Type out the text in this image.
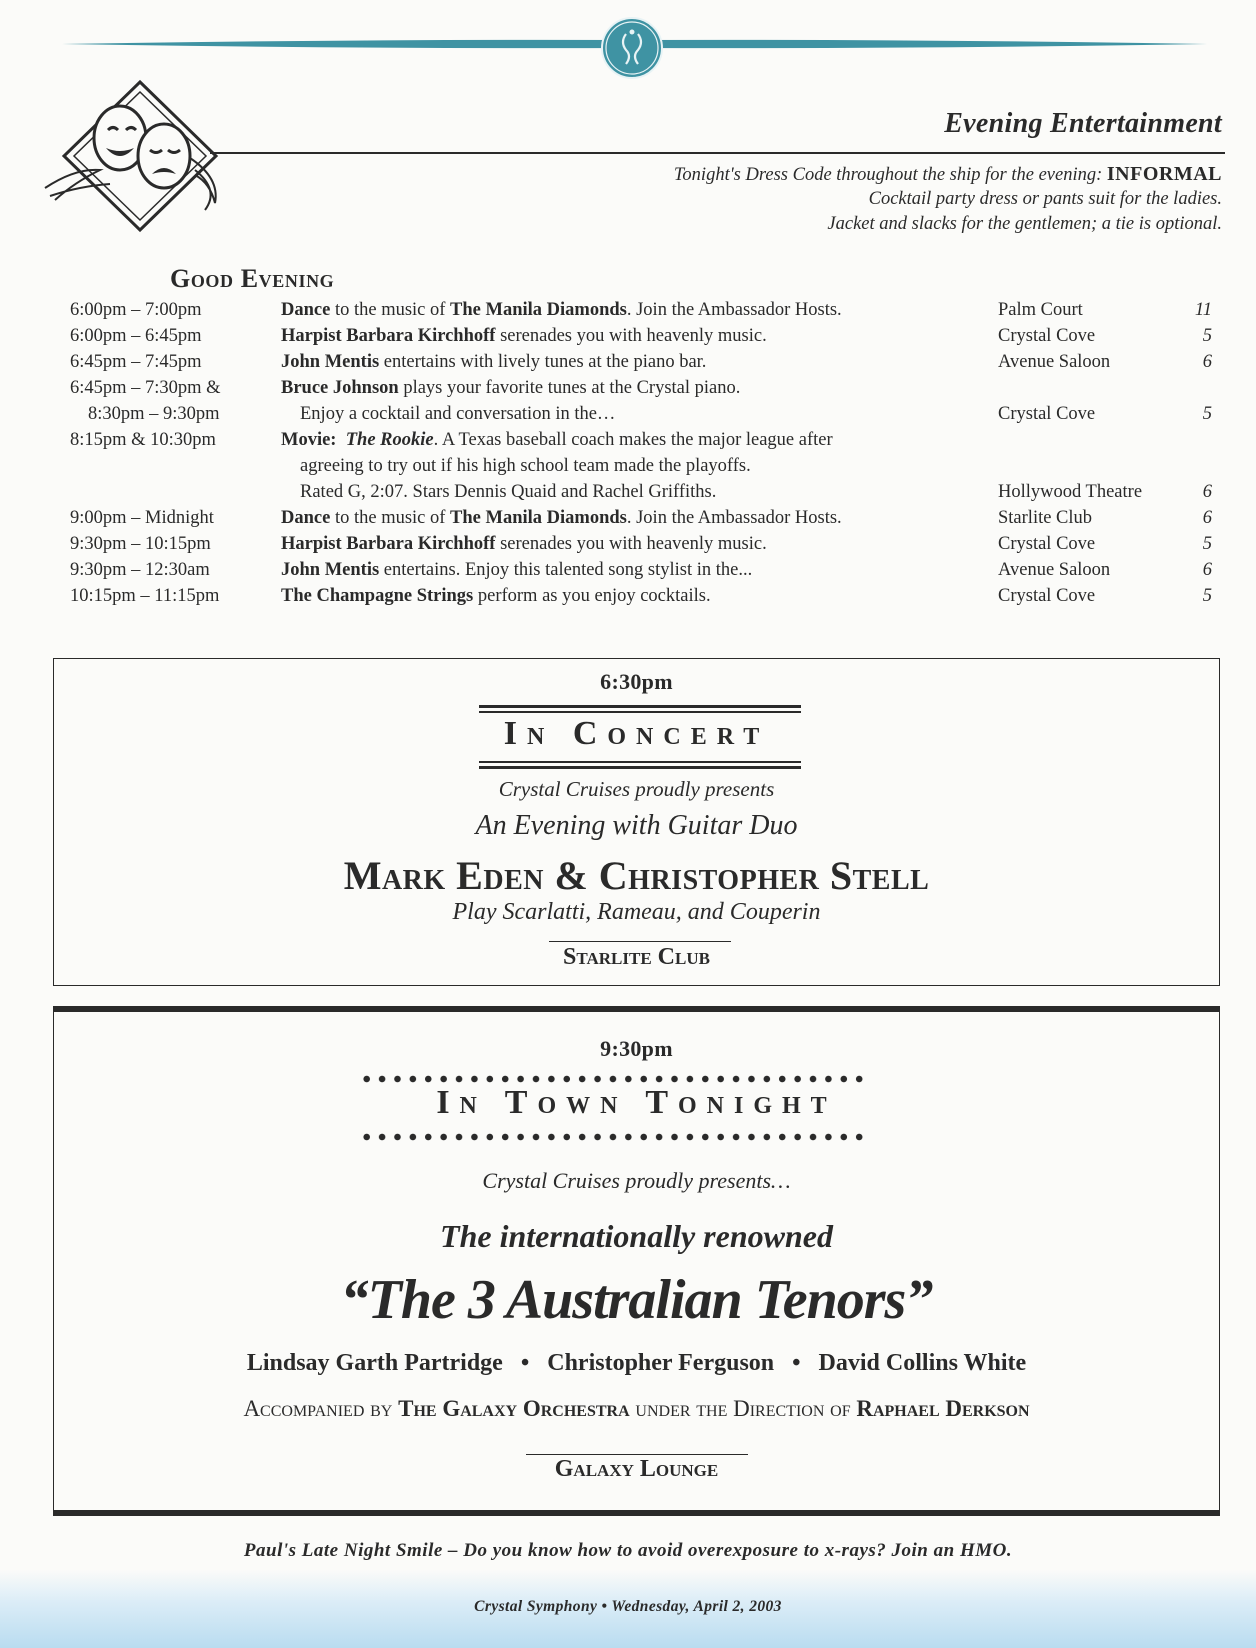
Evening Entertainment
Tonight's Dress Code throughout the ship for the evening: INFORMAL
Cocktail party dress or pants suit for the ladies.
Jacket and slacks for the gentlemen; a tie is optional.
Good Evening
6:00pm – 7:00pm	Dance to the music of The Manila Diamonds. Join the Ambassador Hosts.	Palm Court	11
6:00pm – 6:45pm	Harpist Barbara Kirchhoff serenades you with heavenly music.	Crystal Cove	5
6:45pm – 7:45pm	John Mentis entertains with lively tunes at the piano bar.	Avenue Saloon	6
6:45pm – 7:30pm &	Bruce Johnson plays your favorite tunes at the Crystal piano.
8:30pm – 9:30pm	Enjoy a cocktail and conversation in the…	Crystal Cove	5
8:15pm & 10:30pm	Movie: The Rookie. A Texas baseball coach makes the major league after
agreeing to try out if his high school team made the playoffs.
Rated G, 2:07. Stars Dennis Quaid and Rachel Griffiths.	Hollywood Theatre	6
9:00pm – Midnight	Dance to the music of The Manila Diamonds. Join the Ambassador Hosts.	Starlite Club	6
9:30pm – 10:15pm	Harpist Barbara Kirchhoff serenades you with heavenly music.	Crystal Cove	5
9:30pm – 12:30am	John Mentis entertains. Enjoy this talented song stylist in the...	Avenue Saloon	6
10:15pm – 11:15pm	The Champagne Strings perform as you enjoy cocktails.	Crystal Cove	5
6:30pm
In Concert
Crystal Cruises proudly presents
An Evening with Guitar Duo
Mark Eden & Christopher Stell
Play Scarlatti, Rameau, and Couperin
Starlite Club
9:30pm
In Town Tonight
Crystal Cruises proudly presents…
The internationally renowned
“The 3 Australian Tenors”
Lindsay Garth Partridge • Christopher Ferguson • David Collins White
Accompanied by The Galaxy Orchestra under the Direction of Raphael Derkson
Galaxy Lounge
Paul's Late Night Smile – Do you know how to avoid overexposure to x-rays? Join an HMO.
Crystal Symphony • Wednesday, April 2, 2003
